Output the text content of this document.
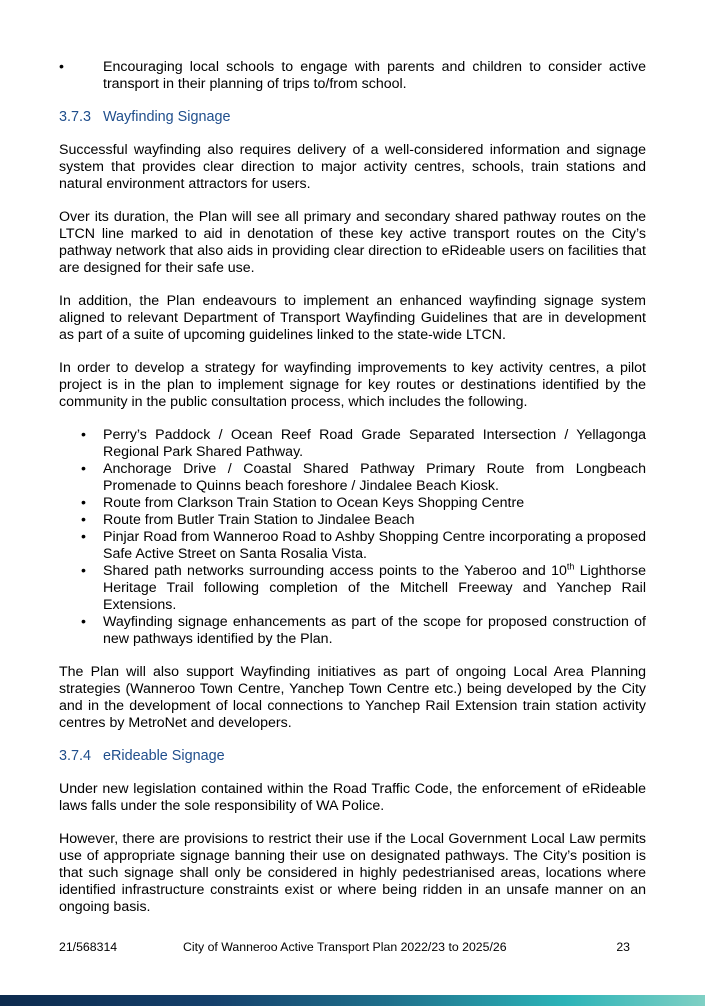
•	Encouraging local schools to engage with parents and children to consider active transport in their planning of trips to/from school.
3.7.3 Wayfinding Signage

Successful wayfinding also requires delivery of a well-considered information and signage system that provides clear direction to major activity centres, schools, train stations and natural environment attractors for users.

Over its duration, the Plan will see all primary and secondary shared pathway routes on the LTCN line marked to aid in denotation of these key active transport routes on the City’s pathway network that also aids in providing clear direction to eRideable users on facilities that are designed for their safe use.

In addition, the Plan endeavours to implement an enhanced wayfinding signage system aligned to relevant Department of Transport Wayfinding Guidelines that are in development as part of a suite of upcoming guidelines linked to the state-wide LTCN.

In order to develop a strategy for wayfinding improvements to key activity centres, a pilot project is in the plan to implement signage for key routes or destinations identified by the community in the public consultation process, which includes the following.

•	Perry’s Paddock / Ocean Reef Road Grade Separated Intersection / Yellagonga Regional Park Shared Pathway.
•	Anchorage Drive / Coastal Shared Pathway Primary Route from Longbeach Promenade to Quinns beach foreshore / Jindalee Beach Kiosk.
•	Route from Clarkson Train Station to Ocean Keys Shopping Centre
•	Route from Butler Train Station to Jindalee Beach
•	Pinjar Road from Wanneroo Road to Ashby Shopping Centre incorporating a proposed Safe Active Street on Santa Rosalia Vista.
•	Shared path networks surrounding access points to the Yaberoo and 10th Lighthorse Heritage Trail following completion of the Mitchell Freeway and Yanchep Rail Extensions.
•	Wayfinding signage enhancements as part of the scope for proposed construction of new pathways identified by the Plan.

The Plan will also support Wayfinding initiatives as part of ongoing Local Area Planning strategies (Wanneroo Town Centre, Yanchep Town Centre etc.) being developed by the City and in the development of local connections to Yanchep Rail Extension train station activity centres by MetroNet and developers.

3.7.4 eRideable Signage

Under new legislation contained within the Road Traffic Code, the enforcement of eRideable laws falls under the sole responsibility of WA Police.

However, there are provisions to restrict their use if the Local Government Local Law permits use of appropriate signage banning their use on designated pathways. The City’s position is that such signage shall only be considered in highly pedestrianised areas, locations where identified infrastructure constraints exist or where being ridden in an unsafe manner on an ongoing basis.

21/568314	City of Wanneroo Active Transport Plan 2022/23 to 2025/26	23
